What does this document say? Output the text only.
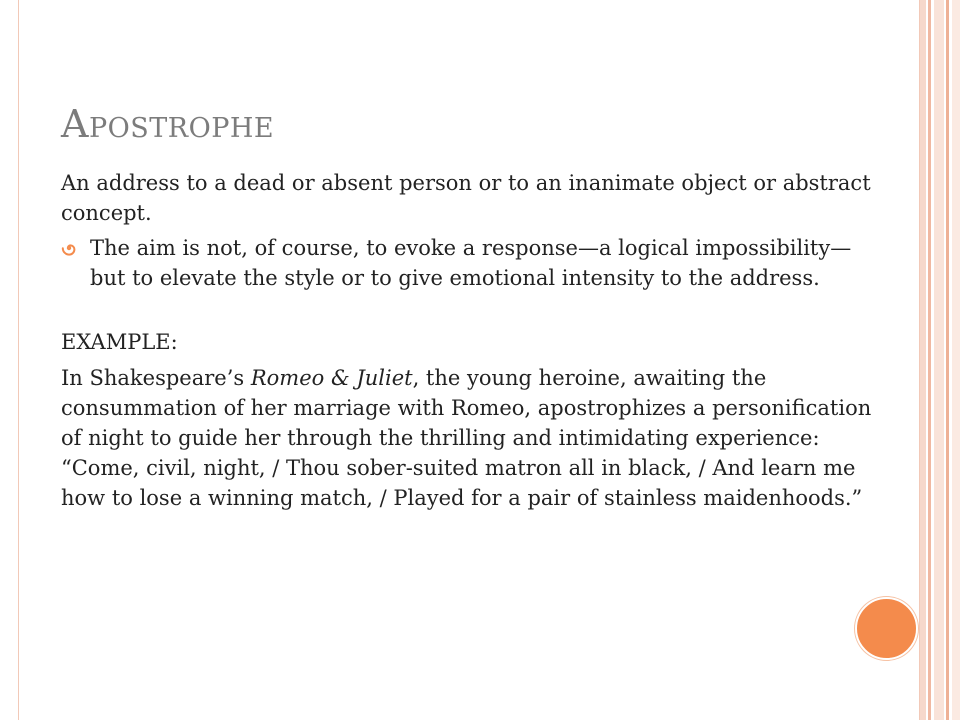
Apostrophe

An address to a dead or absent person or to an inanimate object or abstract concept.

The aim is not, of course, to evoke a response—a logical impossibility—but to elevate the style or to give emotional intensity to the address.

EXAMPLE:

In Shakespeare’s Romeo & Juliet, the young heroine, awaiting the consummation of her marriage with Romeo, apostrophizes a personification of night to guide her through the thrilling and intimidating experience: “Come, civil, night, / Thou sober-suited matron all in black, / And learn me how to lose a winning match, / Played for a pair of stainless maidenhoods.”
